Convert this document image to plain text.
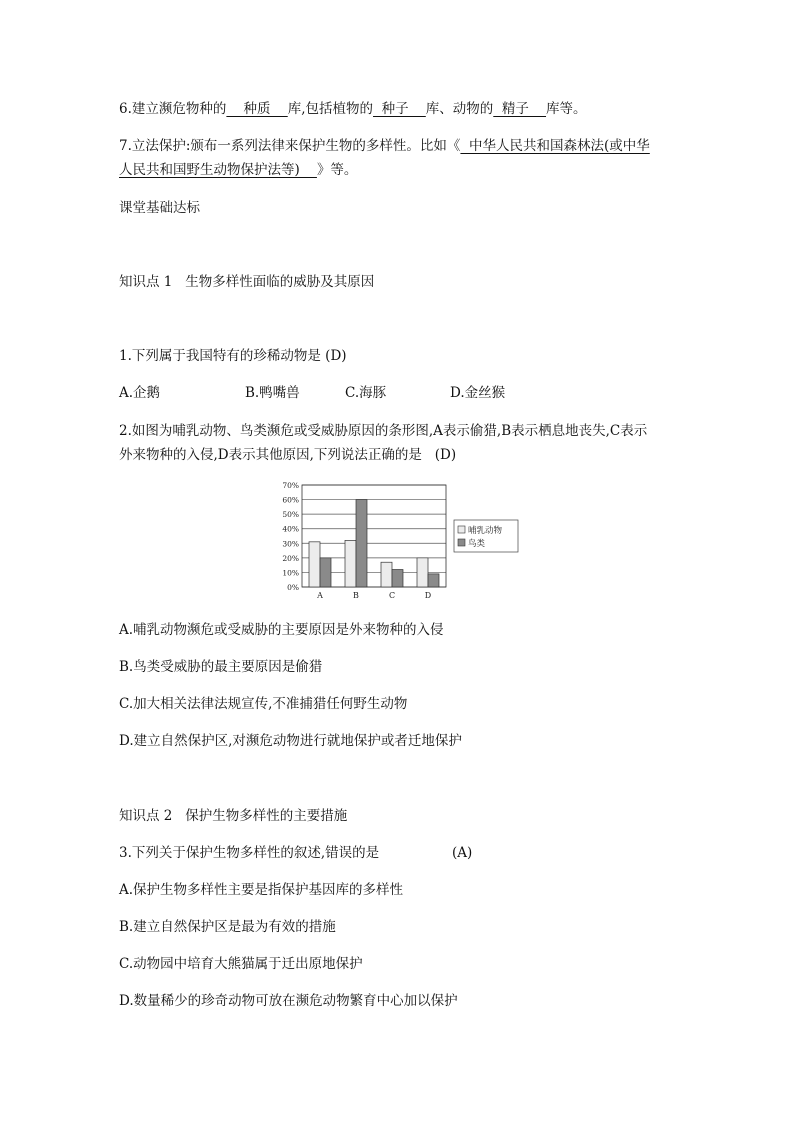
6.建立濒危物种的    种质    库,包括植物的  种子    库、动物的  精子    库等。
7.立法保护:颁布一系列法律来保护生物的多样性。比如《  中华人民共和国森林法(或中华
人民共和国野生动物保护法等)    》等。
课堂基础达标
知识点 1   生物多样性面临的威胁及其原因
1.下列属于我国特有的珍稀动物是 (D)
A.企鹅	B.鸭嘴兽	C.海豚	D.金丝猴
2.如图为哺乳动物、鸟类濒危或受威胁原因的条形图,A表示偷猎,B表示栖息地丧失,C表示
外来物种的入侵,D表示其他原因,下列说法正确的是   (D)
0%
10%
20%
30%
40%
50%
60%
70%
A	B	C	D
哺乳动物
鸟类
A.哺乳动物濒危或受威胁的主要原因是外来物种的入侵
B.鸟类受威胁的最主要原因是偷猎
C.加大相关法律法规宣传,不准捕猎任何野生动物
D.建立自然保护区,对濒危动物进行就地保护或者迁地保护
知识点 2   保护生物多样性的主要措施
3.下列关于保护生物多样性的叙述,错误的是	(A)
A.保护生物多样性主要是指保护基因库的多样性
B.建立自然保护区是最为有效的措施
C.动物园中培育大熊猫属于迁出原地保护
D.数量稀少的珍奇动物可放在濒危动物繁育中心加以保护
